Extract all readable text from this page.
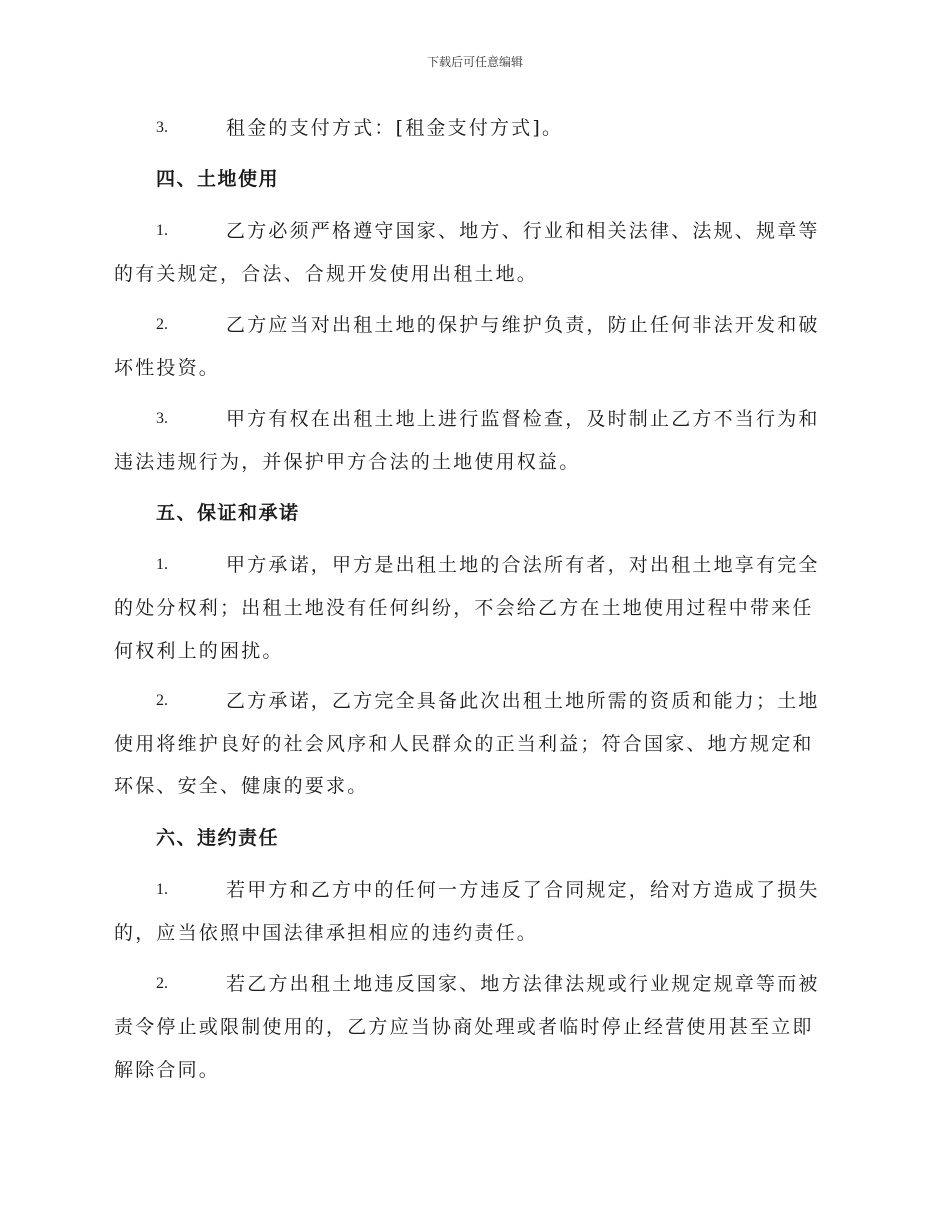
下载后可任意编辑
3.	租金的支付方式：[租金支付方式]。
四、土地使用
1.	乙方必须严格遵守国家、地方、行业和相关法律、法规、规章等
的有关规定，合法、合规开发使用出租土地。
2.	乙方应当对出租土地的保护与维护负责，防止任何非法开发和破
坏性投资。
3.	甲方有权在出租土地上进行监督检查，及时制止乙方不当行为和
违法违规行为，并保护甲方合法的土地使用权益。
五、保证和承诺
1.	甲方承诺，甲方是出租土地的合法所有者，对出租土地享有完全
的处分权利；出租土地没有任何纠纷，不会给乙方在土地使用过程中带来任
何权利上的困扰。
2.	乙方承诺，乙方完全具备此次出租土地所需的资质和能力；土地
使用将维护良好的社会风序和人民群众的正当利益；符合国家、地方规定和
环保、安全、健康的要求。
六、违约责任
1.	若甲方和乙方中的任何一方违反了合同规定，给对方造成了损失
的，应当依照中国法律承担相应的违约责任。
2.	若乙方出租土地违反国家、地方法律法规或行业规定规章等而被
责令停止或限制使用的，乙方应当协商处理或者临时停止经营使用甚至立即
解除合同。
